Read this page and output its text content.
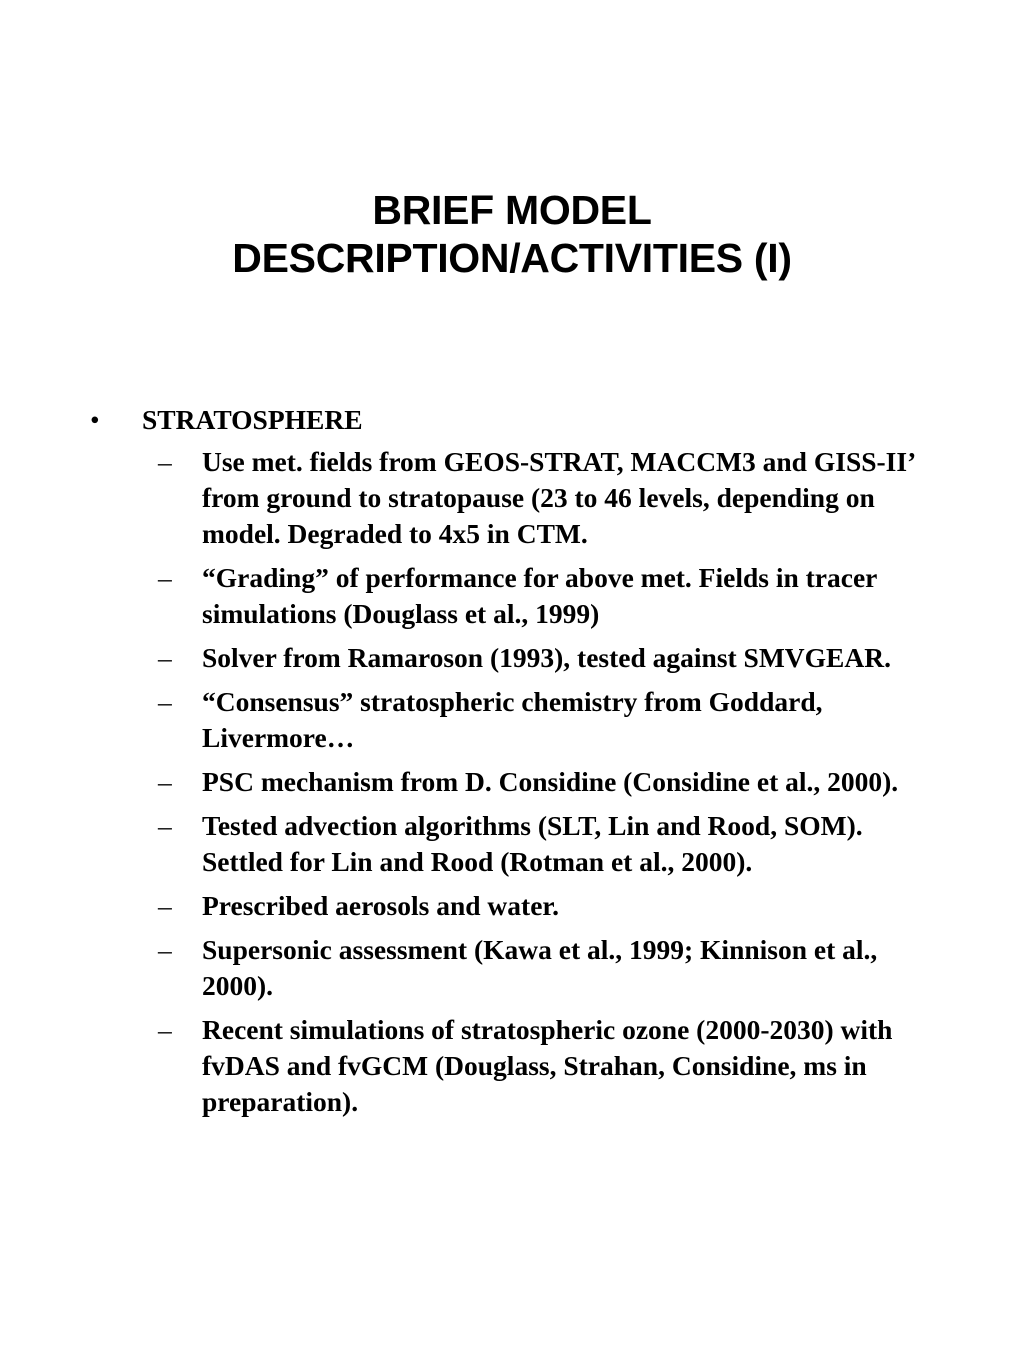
BRIEF MODEL
DESCRIPTION/ACTIVITIES (I)
• STRATOSPHERE
– Use met. fields from GEOS-STRAT, MACCM3 and GISS-II’ from ground to stratopause (23 to 46 levels, depending on model. Degraded to 4x5 in CTM.
– “Grading” of performance for above met. Fields in tracer simulations (Douglass et al., 1999)
– Solver from Ramaroson (1993), tested against SMVGEAR.
– “Consensus” stratospheric chemistry from Goddard, Livermore…
– PSC mechanism from D. Considine (Considine et al., 2000).
– Tested advection algorithms (SLT, Lin and Rood, SOM). Settled for Lin and Rood (Rotman et al., 2000).
– Prescribed aerosols and water.
– Supersonic assessment (Kawa et al., 1999; Kinnison et al., 2000).
– Recent simulations of stratospheric ozone (2000-2030) with fvDAS and fvGCM (Douglass, Strahan, Considine, ms in preparation).
